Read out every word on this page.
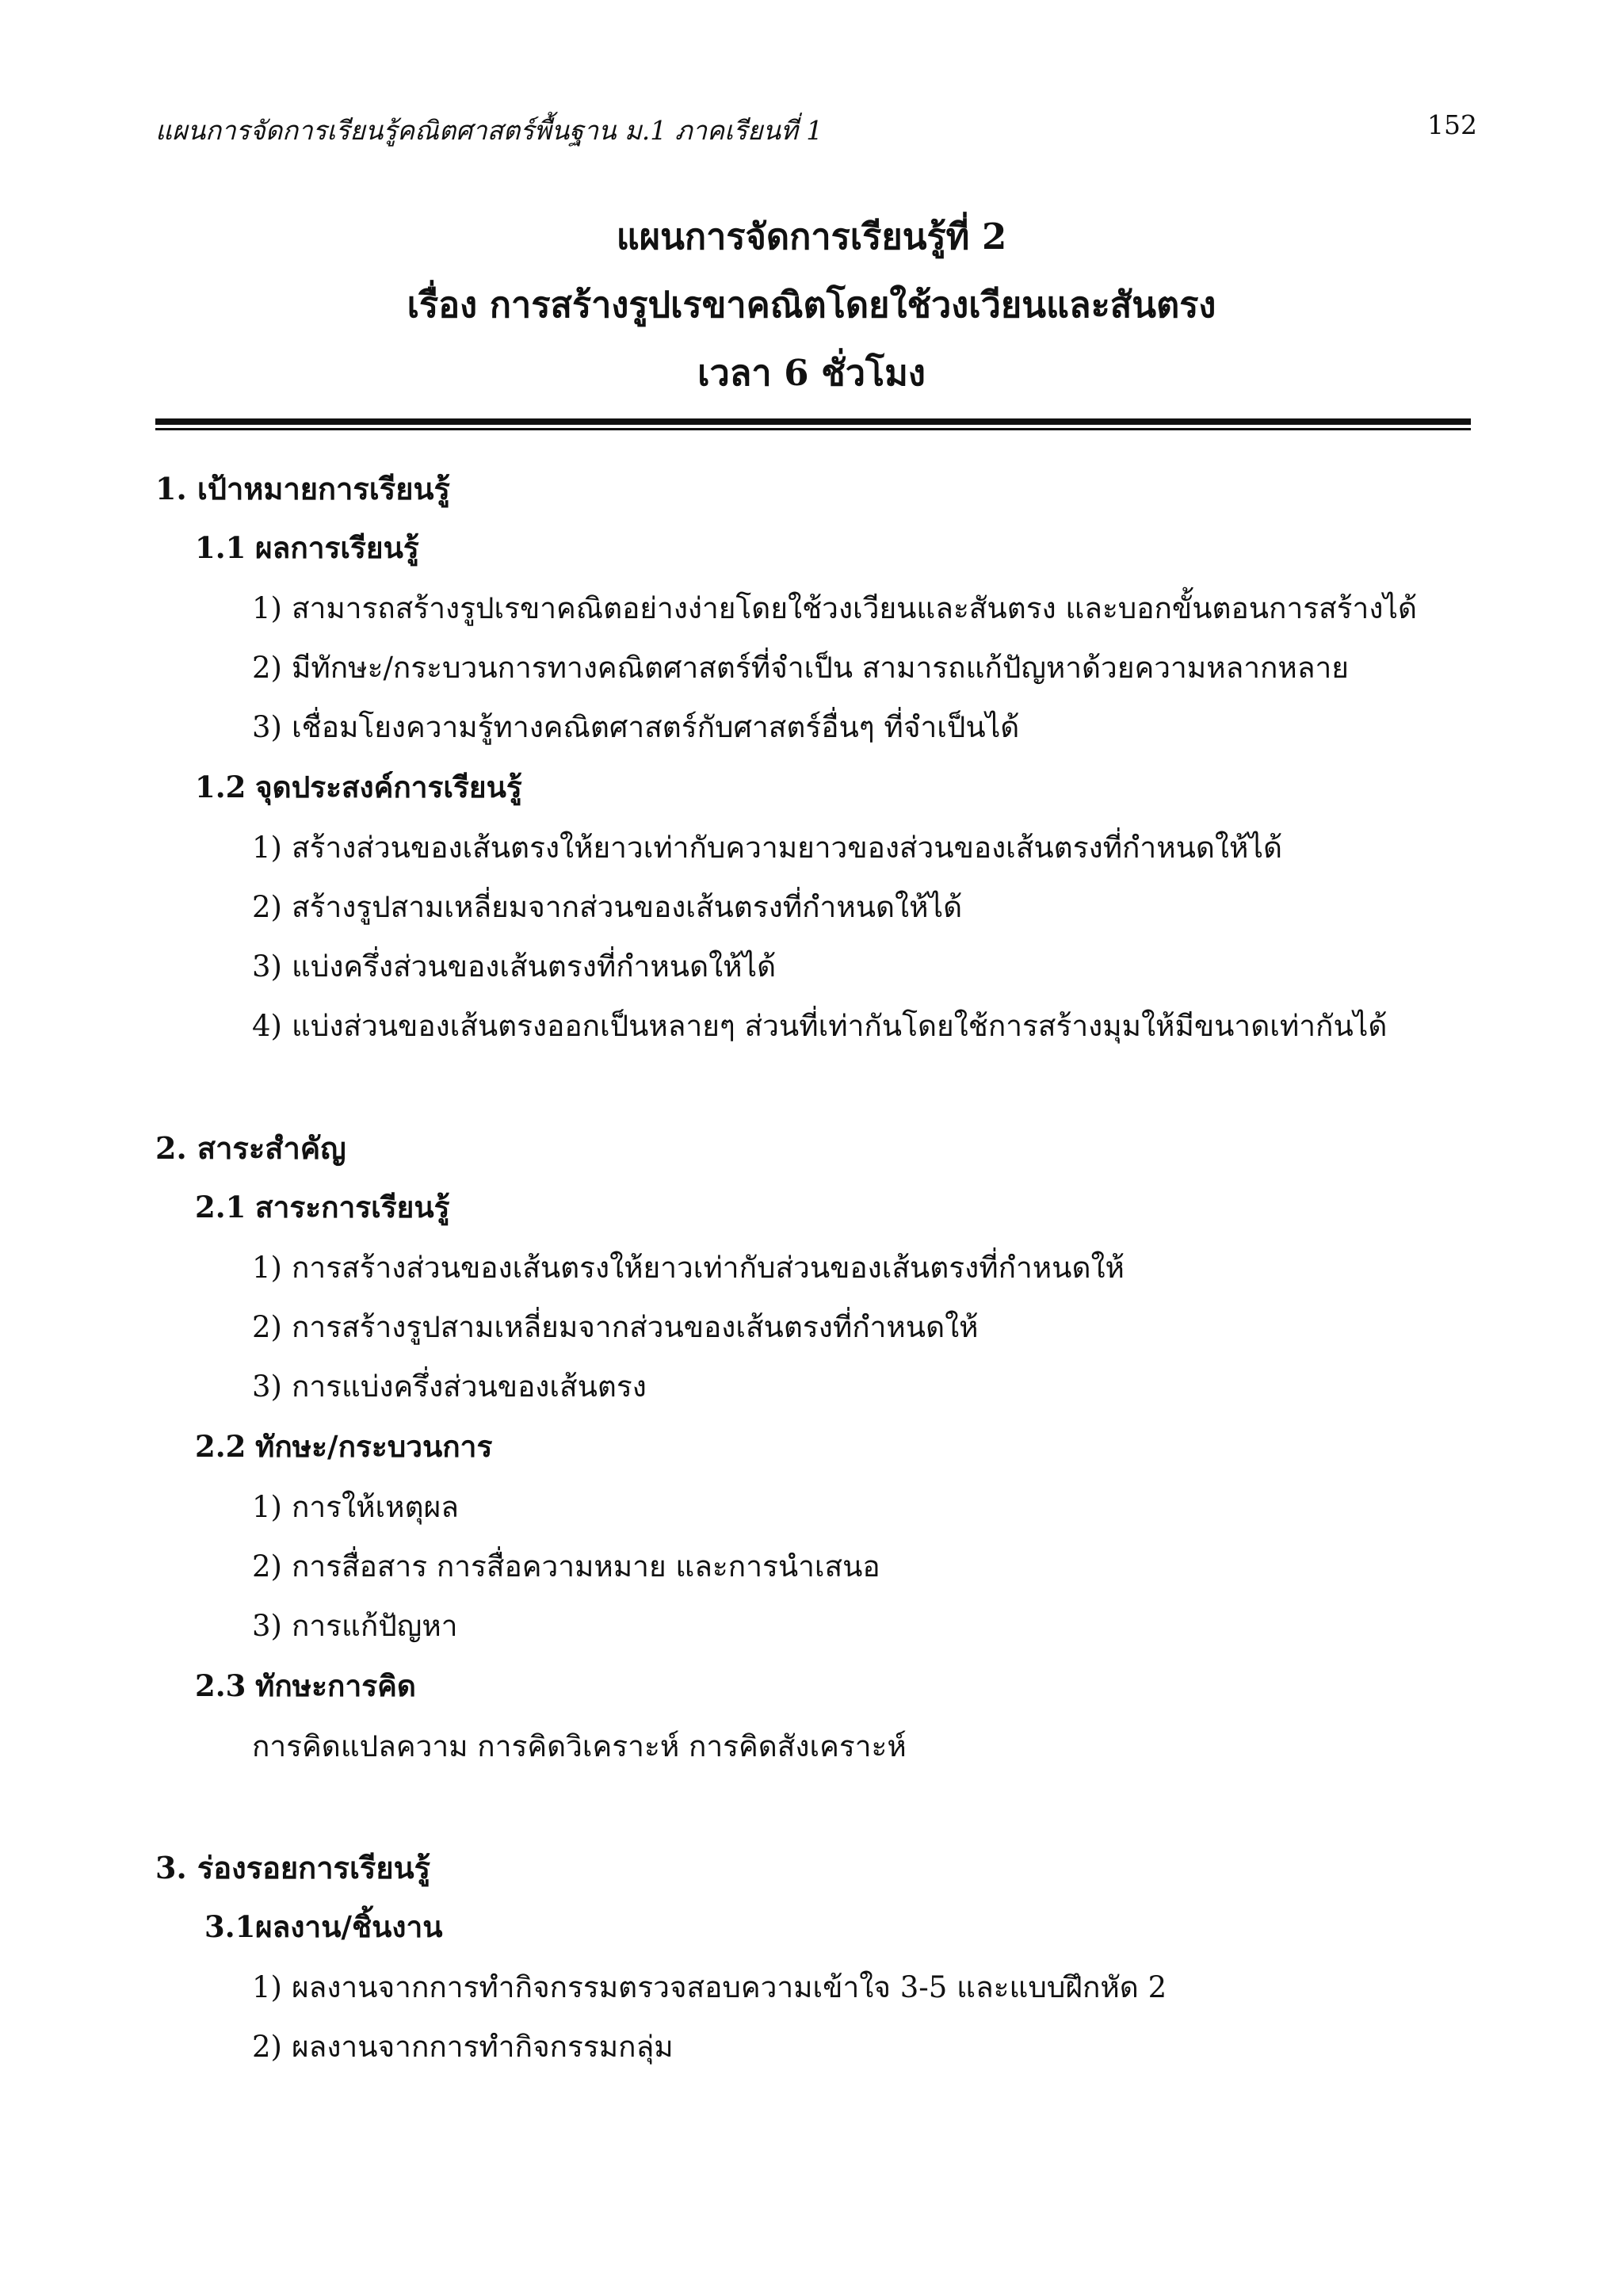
แผนการจัดการเรียนรู้คณิตศาสตร์พื้นฐาน ม.1 ภาคเรียนที่ 1	152
แผนการจัดการเรียนรู้ที่ 2
เรื่อง การสร้างรูปเรขาคณิตโดยใช้วงเวียนและสันตรง
เวลา 6 ชั่วโมง
1. เป้าหมายการเรียนรู้
1.1 ผลการเรียนรู้
1) สามารถสร้างรูปเรขาคณิตอย่างง่ายโดยใช้วงเวียนและสันตรง และบอกขั้นตอนการสร้างได้
2) มีทักษะ/กระบวนการทางคณิตศาสตร์ที่จำเป็น สามารถแก้ปัญหาด้วยความหลากหลาย
3) เชื่อมโยงความรู้ทางคณิตศาสตร์กับศาสตร์อื่นๆ ที่จำเป็นได้
1.2 จุดประสงค์การเรียนรู้
1) สร้างส่วนของเส้นตรงให้ยาวเท่ากับความยาวของส่วนของเส้นตรงที่กำหนดให้ได้
2) สร้างรูปสามเหลี่ยมจากส่วนของเส้นตรงที่กำหนดให้ได้
3) แบ่งครึ่งส่วนของเส้นตรงที่กำหนดให้ได้
4) แบ่งส่วนของเส้นตรงออกเป็นหลายๆ ส่วนที่เท่ากันโดยใช้การสร้างมุมให้มีขนาดเท่ากันได้
2. สาระสำคัญ
2.1 สาระการเรียนรู้
1) การสร้างส่วนของเส้นตรงให้ยาวเท่ากับส่วนของเส้นตรงที่กำหนดให้
2) การสร้างรูปสามเหลี่ยมจากส่วนของเส้นตรงที่กำหนดให้
3) การแบ่งครึ่งส่วนของเส้นตรง
2.2 ทักษะ/กระบวนการ
1) การให้เหตุผล
2) การสื่อสาร การสื่อความหมาย และการนำเสนอ
3) การแก้ปัญหา
2.3 ทักษะการคิด
การคิดแปลความ การคิดวิเคราะห์ การคิดสังเคราะห์
3. ร่องรอยการเรียนรู้
3.1ผลงาน/ชิ้นงาน
1) ผลงานจากการทำกิจกรรมตรวจสอบความเข้าใจ 3-5 และแบบฝึกหัด 2
2) ผลงานจากการทำกิจกรรมกลุ่ม
